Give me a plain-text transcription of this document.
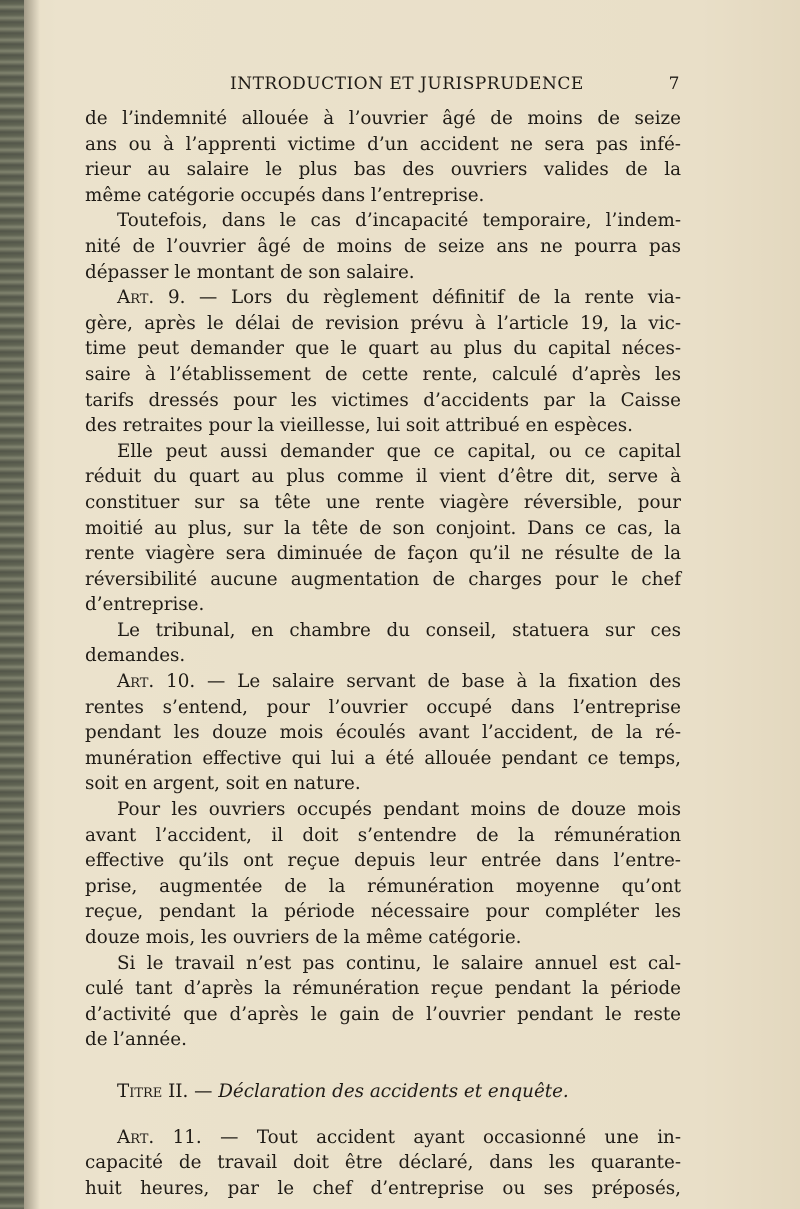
INTRODUCTION ET JURISPRUDENCE	7
de l’indemnité allouée à l’ouvrier âgé de moins de seize
ans ou à l’apprenti victime d’un accident ne sera pas infé-
rieur au salaire le plus bas des ouvriers valides de la
même catégorie occupés dans l’entreprise.
Toutefois, dans le cas d’incapacité temporaire, l’indem-
nité de l’ouvrier âgé de moins de seize ans ne pourra pas
dépasser le montant de son salaire.
Art. 9. — Lors du règlement définitif de la rente via-
gère, après le délai de revision prévu à l’article 19, la vic-
time peut demander que le quart au plus du capital néces-
saire à l’établissement de cette rente, calculé d’après les
tarifs dressés pour les victimes d’accidents par la Caisse
des retraites pour la vieillesse, lui soit attribué en espèces.
Elle peut aussi demander que ce capital, ou ce capital
réduit du quart au plus comme il vient d’être dit, serve à
constituer sur sa tête une rente viagère réversible, pour
moitié au plus, sur la tête de son conjoint. Dans ce cas, la
rente viagère sera diminuée de façon qu’il ne résulte de la
réversibilité aucune augmentation de charges pour le chef
d’entreprise.
Le tribunal, en chambre du conseil, statuera sur ces
demandes.
Art. 10. — Le salaire servant de base à la fixation des
rentes s’entend, pour l’ouvrier occupé dans l’entreprise
pendant les douze mois écoulés avant l’accident, de la ré-
munération effective qui lui a été allouée pendant ce temps,
soit en argent, soit en nature.
Pour les ouvriers occupés pendant moins de douze mois
avant l’accident, il doit s’entendre de la rémunération
effective qu’ils ont reçue depuis leur entrée dans l’entre-
prise, augmentée de la rémunération moyenne qu’ont
reçue, pendant la période nécessaire pour compléter les
douze mois, les ouvriers de la même catégorie.
Si le travail n’est pas continu, le salaire annuel est cal-
culé tant d’après la rémunération reçue pendant la période
d’activité que d’après le gain de l’ouvrier pendant le reste
de l’année.
Titre II. — Déclaration des accidents et enquête.
Art. 11. — Tout accident ayant occasionné une in-
capacité de travail doit être déclaré, dans les quarante-
huit heures, par le chef d’entreprise ou ses préposés,
